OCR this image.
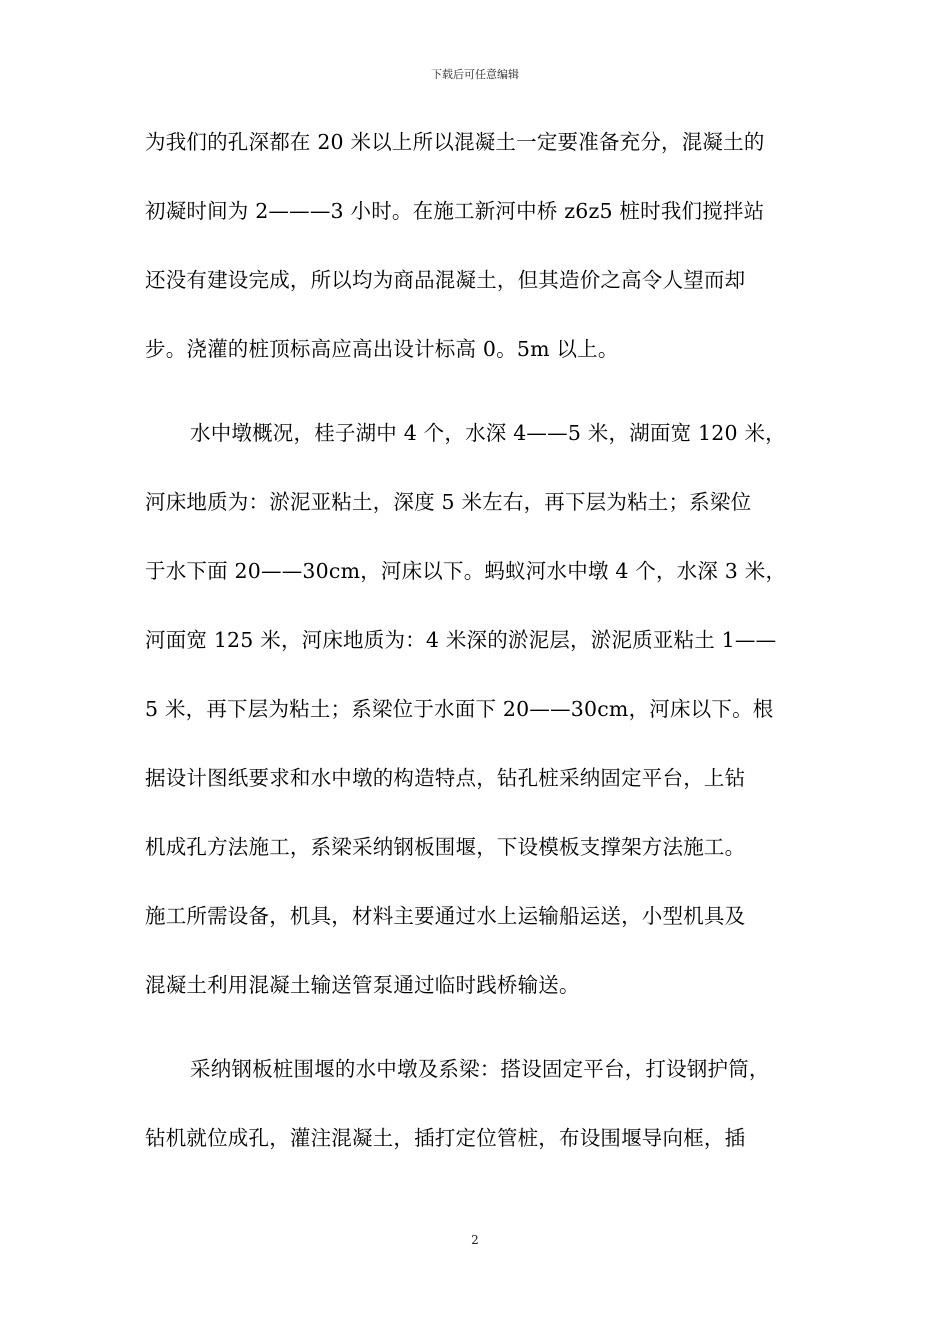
下载后可任意编辑
为我们的孔深都在 20 米以上所以混凝土一定要准备充分，混凝土的
初凝时间为 2———3 小时。在施工新河中桥 z6z5 桩时我们搅拌站
还没有建设完成，所以均为商品混凝土，但其造价之高令人望而却
步。浇灌的桩顶标高应高出设计标高 0。5m 以上。
水中墩概况，桂子湖中 4 个，水深 4——5 米，湖面宽 120 米，
河床地质为：淤泥亚粘土，深度 5 米左右，再下层为粘土；系梁位
于水下面 20——30cm，河床以下。蚂蚁河水中墩 4 个，水深 3 米，
河面宽 125 米，河床地质为：4 米深的淤泥层，淤泥质亚粘土 1——
5 米，再下层为粘土；系梁位于水面下 20——30cm，河床以下。根
据设计图纸要求和水中墩的构造特点，钻孔桩采纳固定平台，上钻
机成孔方法施工，系梁采纳钢板围堰，下设模板支撑架方法施工。
施工所需设备，机具，材料主要通过水上运输船运送，小型机具及
混凝土利用混凝土输送管泵通过临时践桥输送。
采纳钢板桩围堰的水中墩及系梁：搭设固定平台，打设钢护筒，
钻机就位成孔，灌注混凝土，插打定位管桩，布设围堰导向框，插
2
